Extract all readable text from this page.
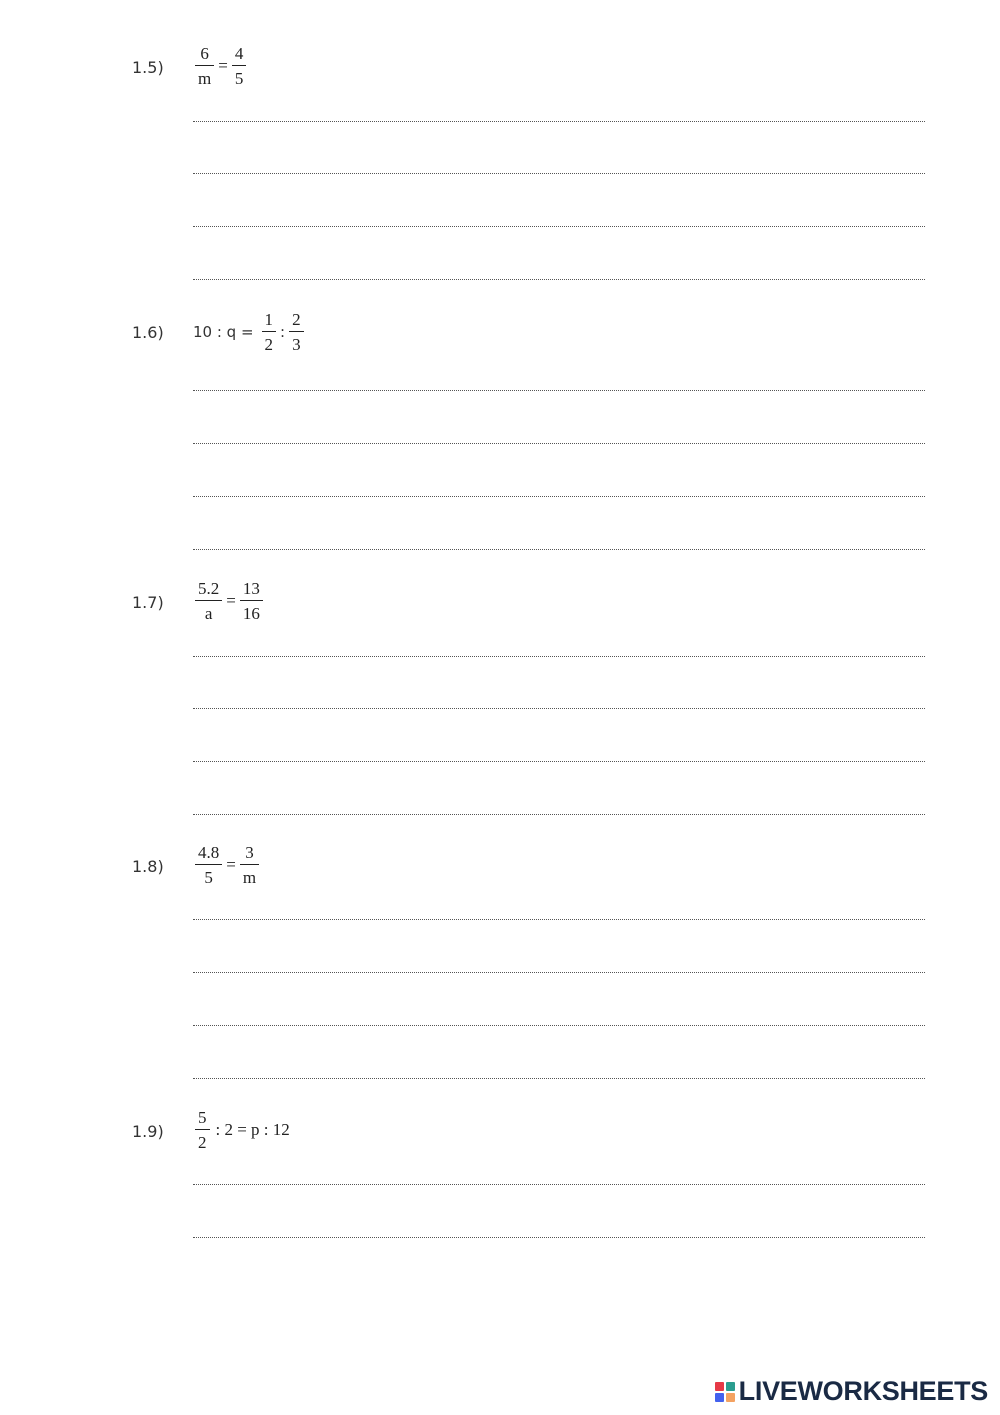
$1.5) \frac{6}{m} = \frac{4}{5}$
1.6) 10 : $q = \frac{1}{2}$ : $\frac{2}{3}$
$1.7) \frac{5.2}{a} = \frac{13}{16}$
$1.8) \frac{4.8}{5} = \frac{3}{m}$
$1.9) \frac{5}{2}$ : 2 = p : 12
LIVEWORKSHEETS
